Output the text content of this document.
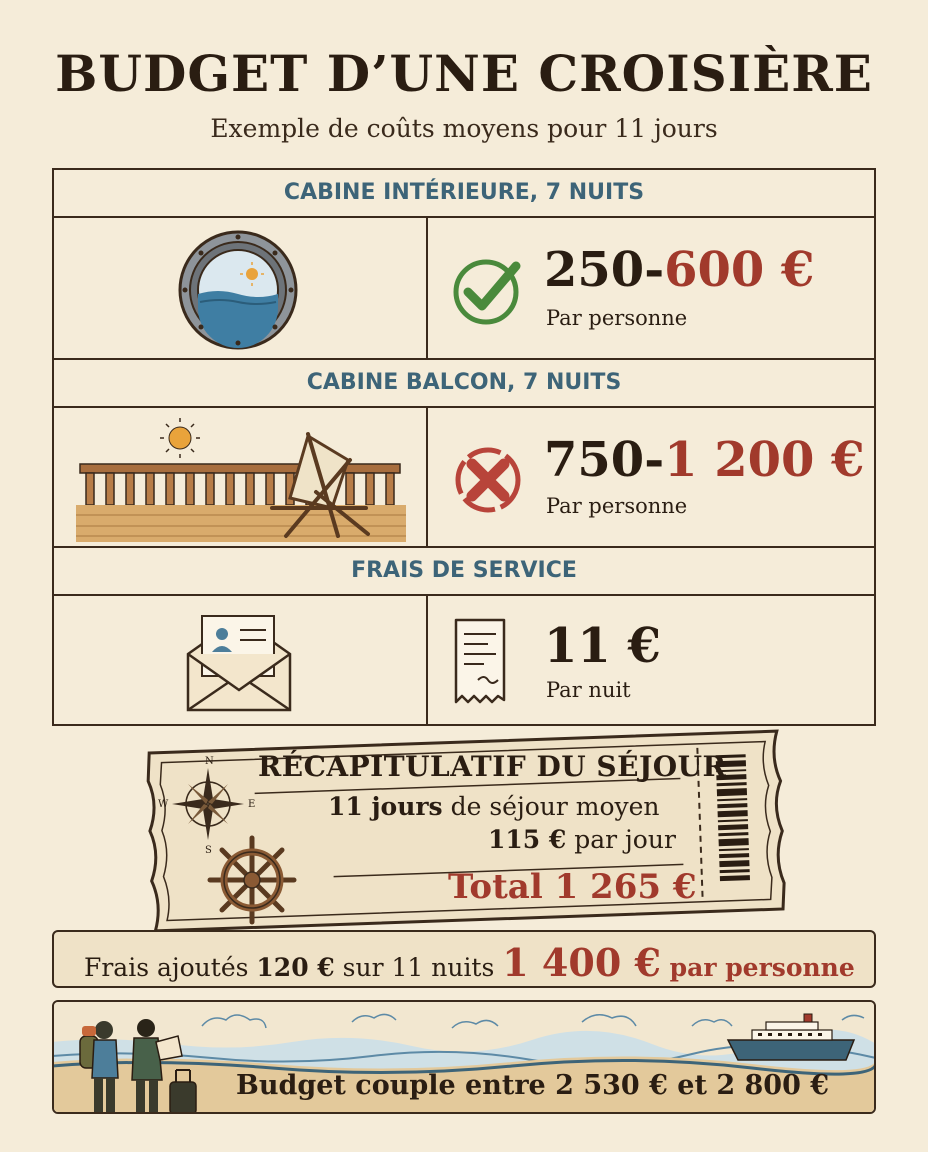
BUDGET D’UNE CROISIÈRE
Exemple de coûts moyens pour 11 jours
CABINE INTÉRIEURE, 7 NUITS
250-600 €
Par personne
CABINE BALCON, 7 NUITS
750-1 200 €
Par personne
FRAIS DE SERVICE
11 €
Par nuit
N
S
E
W
RÉCAPITULATIF DU SÉJOUR
11 jours de séjour moyen
115 € par jour
Total 1 265 €
Frais ajoutés 120 € sur 11 nuits 1 400 € par personne
Budget couple entre 2 530 € et 2 800 €
